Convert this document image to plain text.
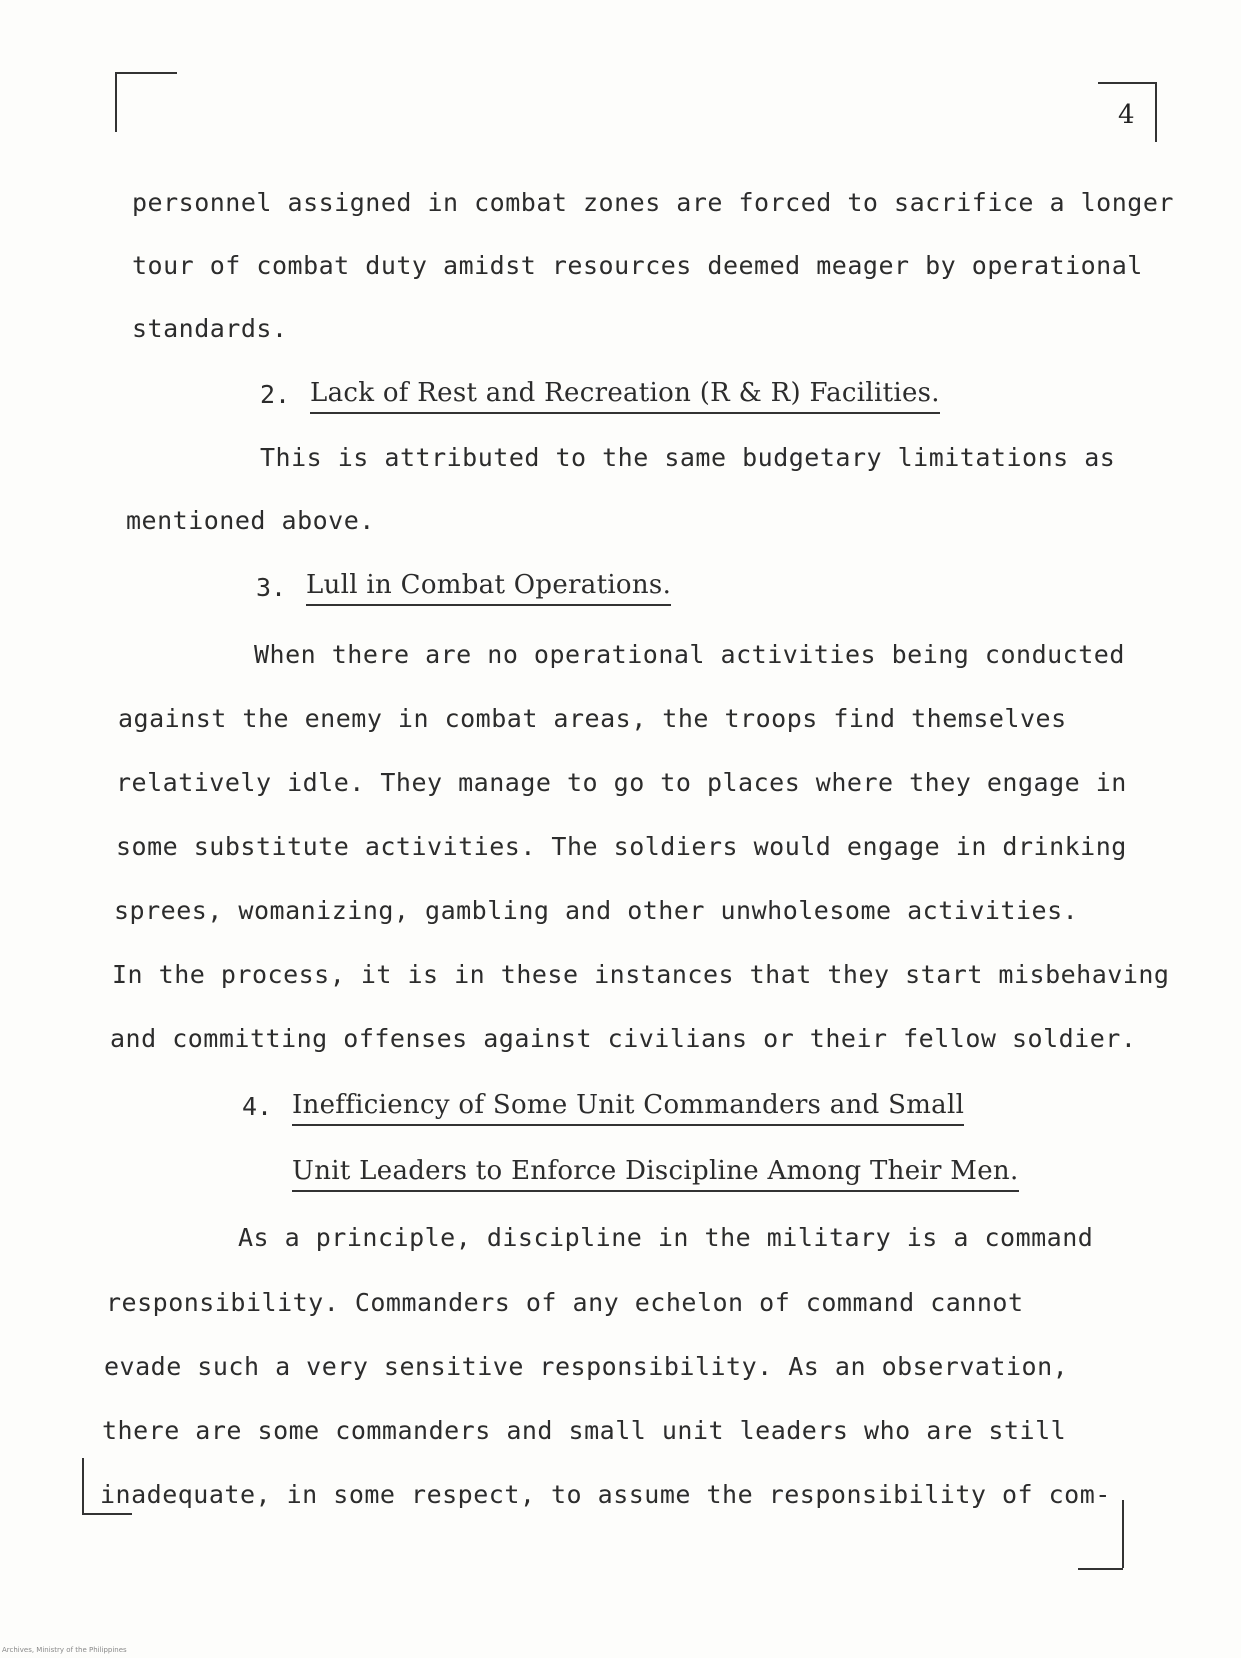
4
personnel assigned in combat zones are forced to sacrifice a longer
tour of combat duty amidst resources deemed meager by operational
standards.
2. Lack of Rest and Recreation (R & R) Facilities.
This is attributed to the same budgetary limitations as
mentioned above.
3. Lull in Combat Operations.
When there are no operational activities being conducted
against the enemy in combat areas, the troops find themselves
relatively idle. They manage to go to places where they engage in
some substitute activities. The soldiers would engage in drinking
sprees, womanizing, gambling and other unwholesome activities.
In the process, it is in these instances that they start misbehaving
and committing offenses against civilians or their fellow soldier.
4. Inefficiency of Some Unit Commanders and Small
Unit Leaders to Enforce Discipline Among Their Men.
As a principle, discipline in the military is a command
responsibility. Commanders of any echelon of command cannot
evade such a very sensitive responsibility. As an observation,
there are some commanders and small unit leaders who are still
inadequate, in some respect, to assume the responsibility of com-
Archives, Ministry of the Philippines
